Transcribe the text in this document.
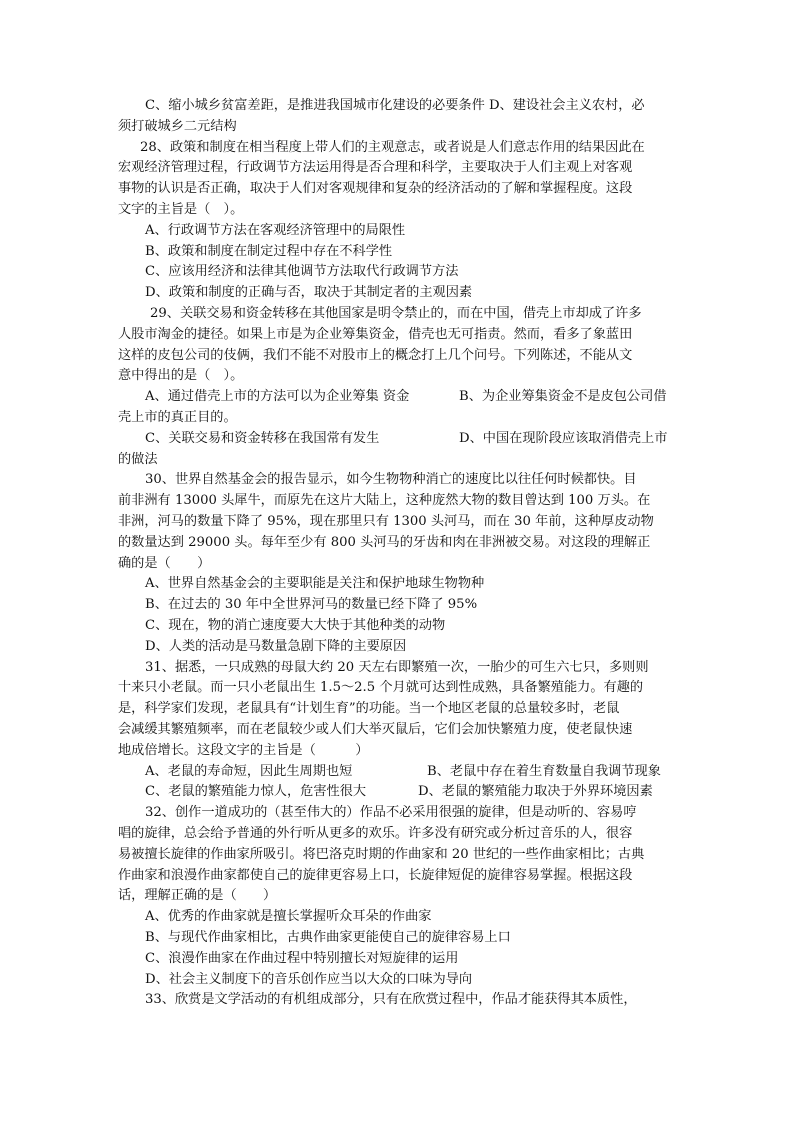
C、缩小城乡贫富差距，是推进我国城市化建设的必要条件 D、建设社会主义农村，必
须打破城乡二元结构
28、政策和制度在相当程度上带人们的主观意志，或者说是人们意志作用的结果因此在
宏观经济管理过程，行政调节方法运用得是否合理和科学，主要取决于人们主观上对客观
事物的认识是否正确，取决于人们对客观规律和复杂的经济活动的了解和掌握程度。这段
文字的主旨是（　）。
A、行政调节方法在客观经济管理中的局限性
B、政策和制度在制定过程中存在不科学性
C、应该用经济和法律其他调节方法取代行政调节方法
D、政策和制度的正确与否，取决于其制定者的主观因素
29、关联交易和资金转移在其他国家是明令禁止的，而在中国，借壳上市却成了许多
人股市淘金的捷径。如果上市是为企业筹集资金，借壳也无可指责。然而，看多了象蓝田
这样的皮包公司的伎俩，我们不能不对股市上的概念打上几个问号。下列陈述，不能从文
意中得出的是（　）。
A、通过借壳上市的方法可以为企业筹集 资金	B、为企业筹集资金不是皮包公司借
壳上市的真正目的。
C、关联交易和资金转移在我国常有发生	D、中国在现阶段应该取消借壳上市
的做法
30、世界自然基金会的报告显示，如今生物物种消亡的速度比以往任何时候都快。目
前非洲有 13000 头犀牛，而原先在这片大陆上，这种庞然大物的数目曾达到 100 万头。在
非洲，河马的数量下降了 95%，现在那里只有 1300 头河马，而在 30 年前，这种厚皮动物
的数量达到 29000 头。每年至少有 800 头河马的牙齿和肉在非洲被交易。对这段的理解正
确的是（　　）
A、世界自然基金会的主要职能是关注和保护地球生物物种
B、在过去的 30 年中全世界河马的数量已经下降了 95%
C、现在，物的消亡速度要大大快于其他种类的动物
D、人类的活动是马数量急剧下降的主要原因
31、据悉，一只成熟的母鼠大约 20 天左右即繁殖一次，一胎少的可生六七只，多则则
十来只小老鼠。而一只小老鼠出生 1.5～2.5 个月就可达到性成熟，具备繁殖能力。有趣的
是，科学家们发现，老鼠具有“计划生育”的功能。当一个地区老鼠的总量较多时，老鼠
会减缓其繁殖频率，而在老鼠较少或人们大举灭鼠后，它们会加快繁殖力度，使老鼠快速
地成倍增长。这段文字的主旨是（　　　）
A、老鼠的寿命短，因此生周期也短	B、老鼠中存在着生育数量自我调节现象
C、老鼠的繁殖能力惊人，危害性很大	D、老鼠的繁殖能力取决于外界环境因素
32、创作一道成功的（甚至伟大的）作品不必采用很强的旋律，但是动听的、容易哼
唱的旋律，总会给予普通的外行听从更多的欢乐。许多没有研究或分析过音乐的人，很容
易被擅长旋律的作曲家所吸引。将巴洛克时期的作曲家和 20 世纪的一些作曲家相比；古典
作曲家和浪漫作曲家都使自己的旋律更容易上口，长旋律短促的旋律容易掌握。根据这段
话，理解正确的是（　　）
A、优秀的作曲家就是擅长掌握听众耳朵的作曲家
B、与现代作曲家相比，古典作曲家更能使自己的旋律容易上口
C、浪漫作曲家在作曲过程中特别擅长对短旋律的运用
D、社会主义制度下的音乐创作应当以大众的口味为导向
33、欣赏是文学活动的有机组成部分，只有在欣赏过程中，作品才能获得其本质性，
